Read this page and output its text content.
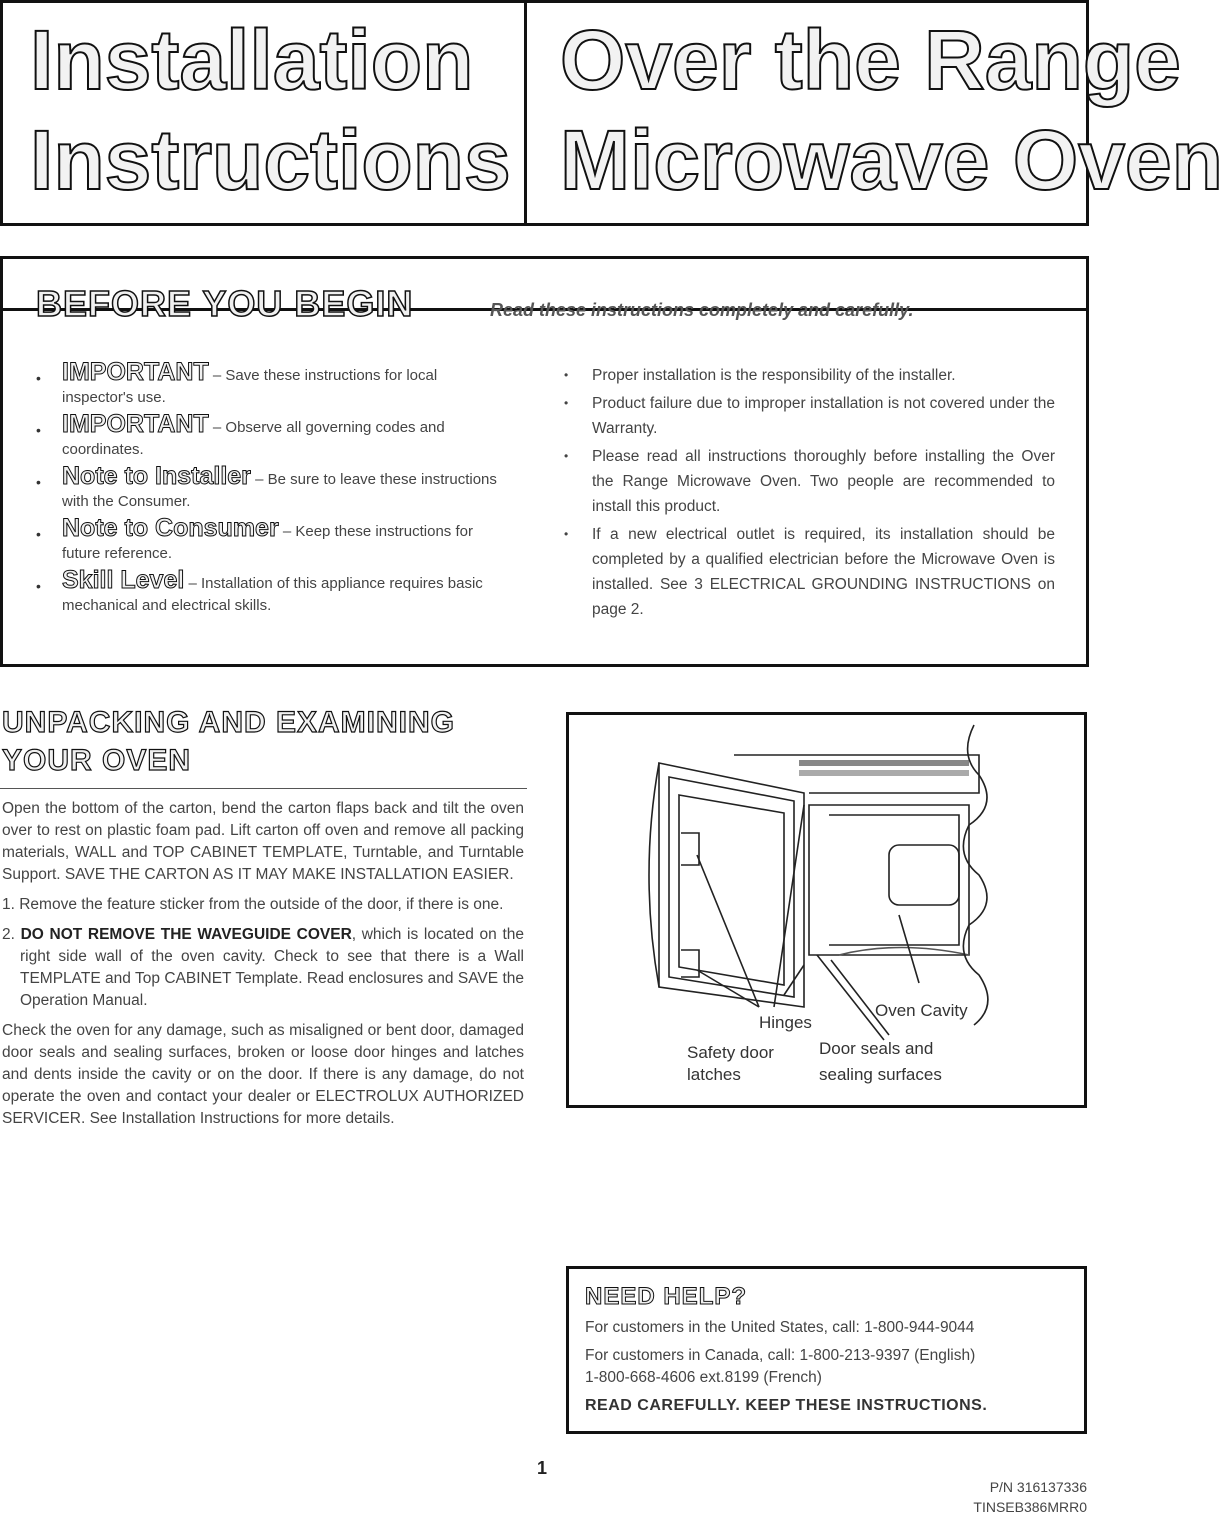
Installation
Instructions
Over the Range
Microwave Oven
BEFORE YOU BEGIN	Read these instructions completely and carefully.
• IMPORTANT – Save these instructions for local inspector's use.
• IMPORTANT – Observe all governing codes and coordinates.
• Note to Installer – Be sure to leave these instructions with the Consumer.
• Note to Consumer – Keep these instructions for future reference.
• Skill Level – Installation of this appliance requires basic mechanical and electrical skills.
• Proper installation is the responsibility of the installer.
• Product failure due to improper installation is not covered under the Warranty.
• Please read all instructions thoroughly before installing the Over the Range Microwave Oven. Two people are recommended to install this product.
• If a new electrical outlet is required, its installation should be completed by a qualified electrician before the Microwave Oven is installed. See 3 ELECTRICAL GROUNDING INSTRUCTIONS on page 2.
UNPACKING AND EXAMINING
YOUR OVEN

Open the bottom of the carton, bend the carton flaps back and tilt the oven over to rest on plastic foam pad. Lift carton off oven and remove all packing materials, WALL and TOP CABINET TEMPLATE, Turntable, and Turntable Support. SAVE THE CARTON AS IT MAY MAKE INSTALLATION EASIER.

1. Remove the feature sticker from the outside of the door, if there is one.

2. DO NOT REMOVE THE WAVEGUIDE COVER, which is located on the right side wall of the oven cavity. Check to see that there is a Wall TEMPLATE and Top CABINET Template. Read enclosures and SAVE the Operation Manual.

Check the oven for any damage, such as misaligned or bent door, damaged door seals and sealing surfaces, broken or loose door hinges and latches and dents inside the cavity or on the door. If there is any damage, do not operate the oven and contact your dealer or ELECTROLUX AUTHORIZED SERVICER. See Installation Instructions for more details.

Hinges
Oven Cavity
Safety door
latches
Door seals and
sealing surfaces
NEED HELP?
For customers in the United States, call: 1-800-944-9044
For customers in Canada, call: 1-800-213-9397 (English)
1-800-668-4606 ext.8199 (French)
READ CAREFULLY. KEEP THESE INSTRUCTIONS.
1
P/N 316137336
TINSEB386MRR0
